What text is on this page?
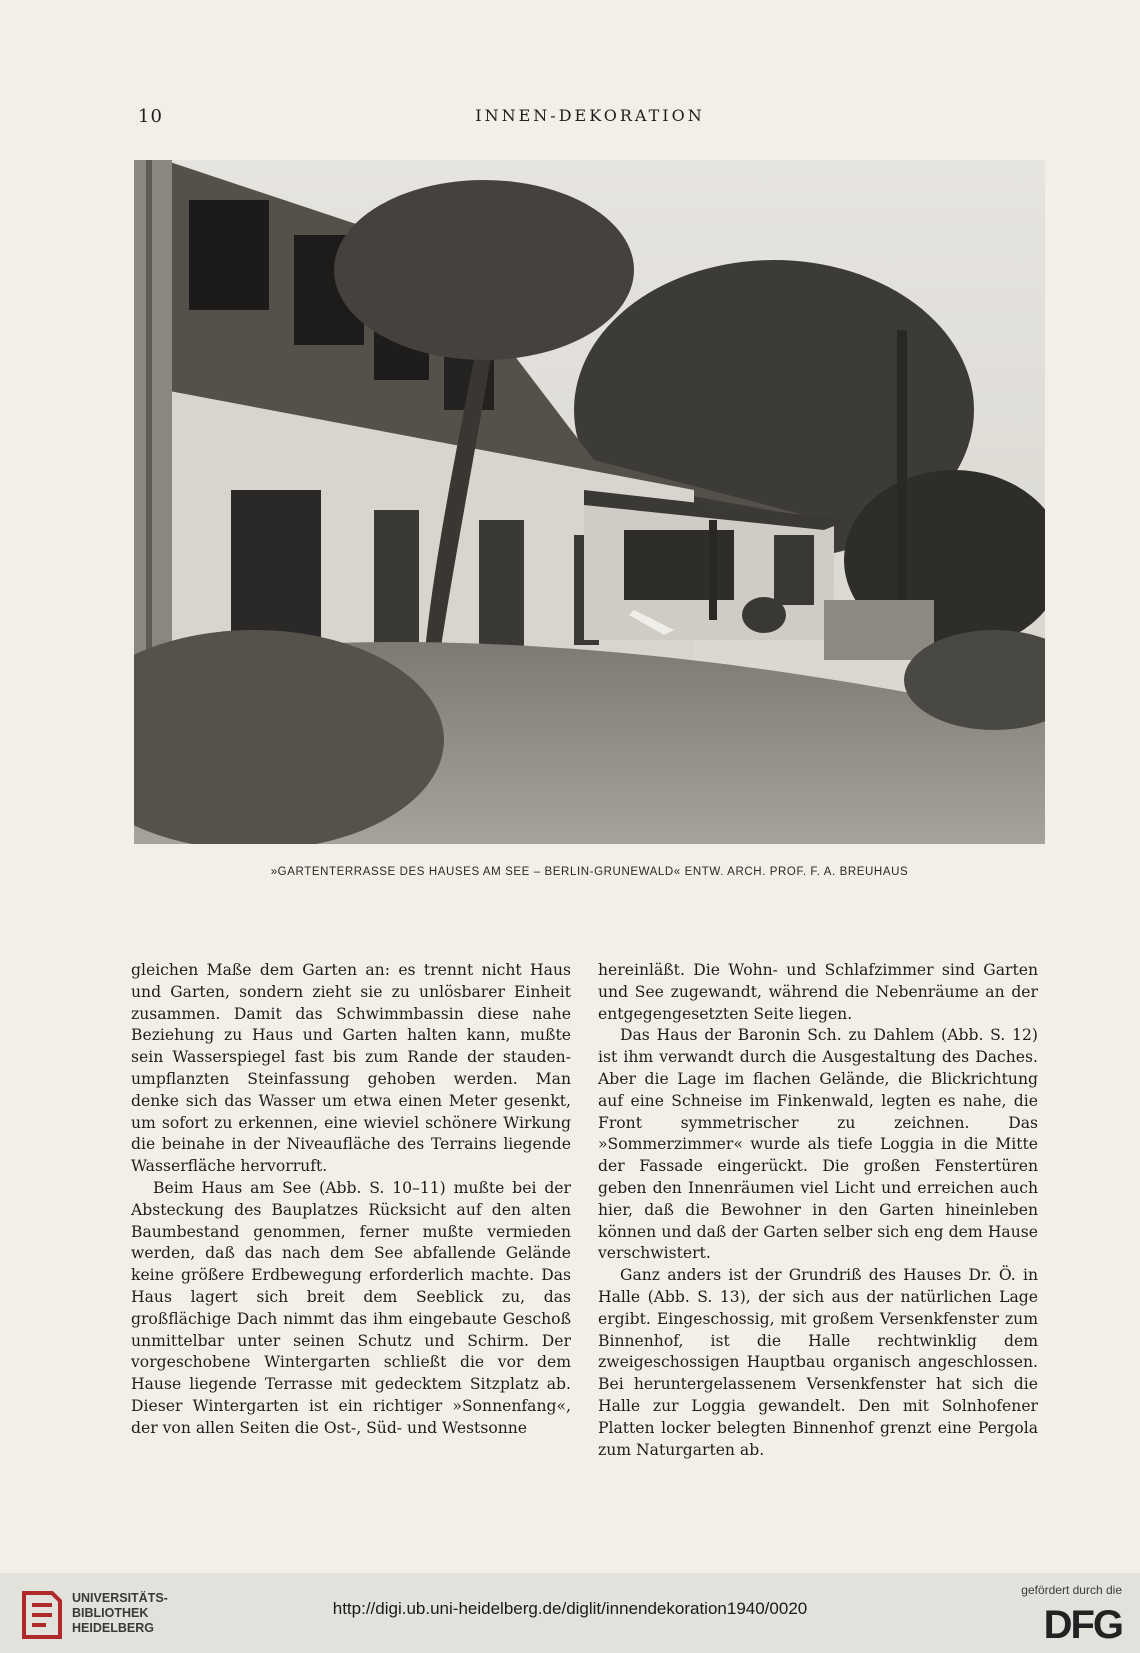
10	INNEN-DEKORATION
»GARTENTERRASSE DES HAUSES AM SEE – BERLIN-GRUNEWALD« ENTW. ARCH. PROF. F. A. BREUHAUS

gleichen Maße dem Garten an: es trennt nicht Haus und Garten, sondern zieht sie zu unlösbarer Einheit zusammen. Damit das Schwimmbassin diese nahe Beziehung zu Haus und Garten halten kann, mußte sein Wasserspiegel fast bis zum Rande der stauden-umpflanzten Steinfassung gehoben werden. Man denke sich das Wasser um etwa einen Meter gesenkt, um sofort zu erkennen, eine wieviel schönere Wirkung die beinahe in der Niveaufläche des Terrains liegende Wasserfläche hervorruft.

Beim Haus am See (Abb. S. 10–11) mußte bei der Absteckung des Bauplatzes Rücksicht auf den alten Baumbestand genommen, ferner mußte vermieden werden, daß das nach dem See abfallende Gelände keine größere Erdbewegung erforderlich machte. Das Haus lagert sich breit dem Seeblick zu, das großflächige Dach nimmt das ihm eingebaute Geschoß unmittelbar unter seinen Schutz und Schirm. Der vorgeschobene Wintergarten schließt die vor dem Hause liegende Terrasse mit gedecktem Sitzplatz ab. Dieser Wintergarten ist ein richtiger »Sonnenfang«, der von allen Seiten die Ost-, Süd- und Westsonne

hereinläßt. Die Wohn- und Schlafzimmer sind Garten und See zugewandt, während die Nebenräume an der entgegengesetzten Seite liegen.

Das Haus der Baronin Sch. zu Dahlem (Abb. S. 12) ist ihm verwandt durch die Ausgestaltung des Daches. Aber die Lage im flachen Gelände, die Blickrichtung auf eine Schneise im Finkenwald, legten es nahe, die Front symmetrischer zu zeichnen. Das »Sommerzimmer« wurde als tiefe Loggia in die Mitte der Fassade eingerückt. Die großen Fenstertüren geben den Innenräumen viel Licht und erreichen auch hier, daß die Bewohner in den Garten hineinleben können und daß der Garten selber sich eng dem Hause verschwistert.

Ganz anders ist der Grundriß des Hauses Dr. Ö. in Halle (Abb. S. 13), der sich aus der natürlichen Lage ergibt. Eingeschossig, mit großem Versenkfenster zum Binnenhof, ist die Halle rechtwinklig dem zweigeschossigen Hauptbau organisch angeschlossen. Bei heruntergelassenem Versenkfenster hat sich die Halle zur Loggia gewandelt. Den mit Solnhofener Platten locker belegten Binnenhof grenzt eine Pergola zum Naturgarten ab.

UNIVERSITÄTS-
BIBLIOTHEK
HEIDELBERG
http://digi.ub.uni-heidelberg.de/diglit/innendekoration1940/0020
gefördert durch die
DFG
